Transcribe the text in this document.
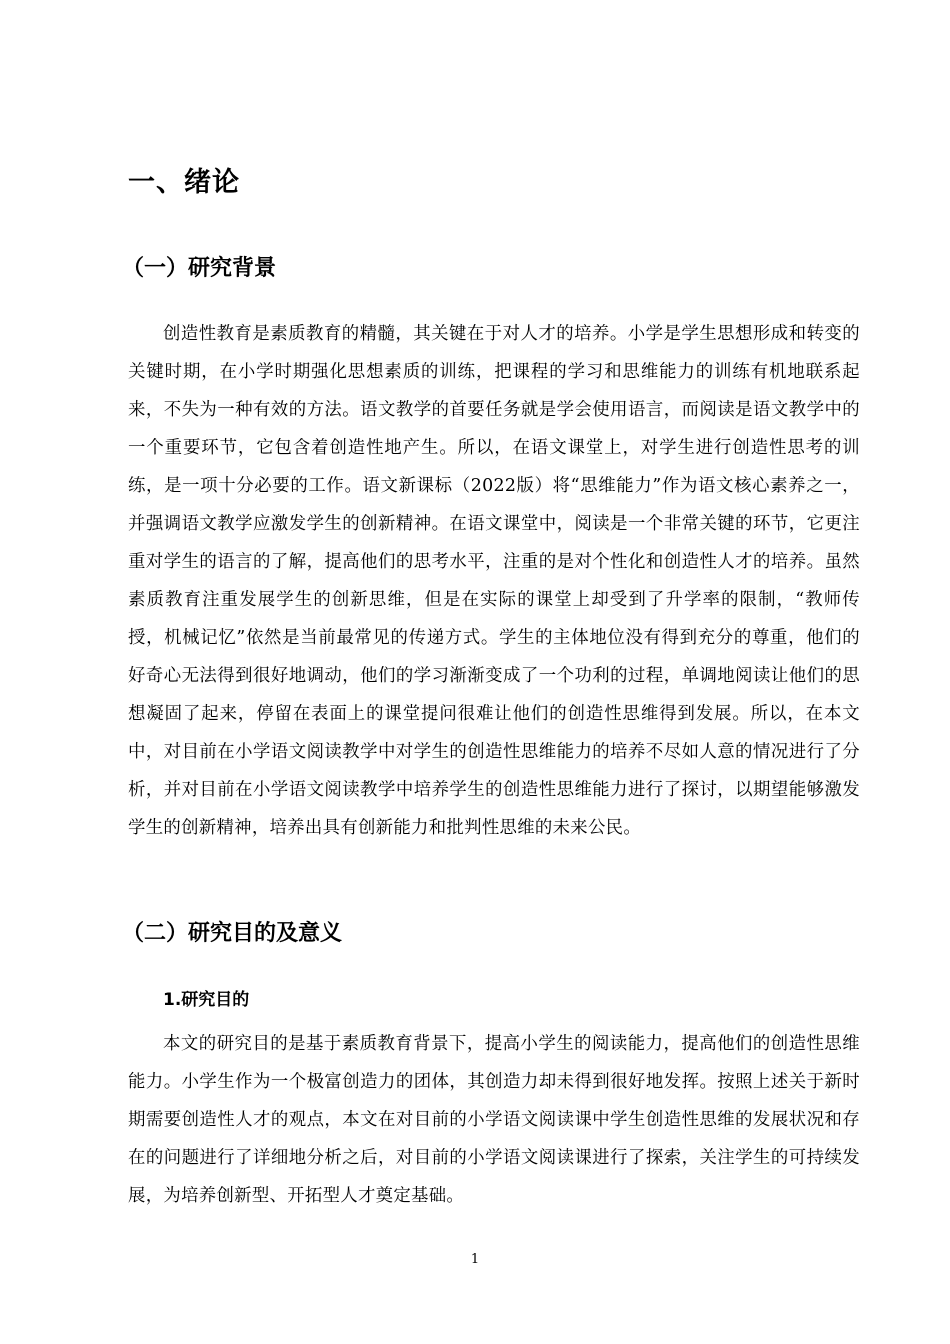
一、绪论
（一）研究背景

创造性教育是素质教育的精髓，其关键在于对人才的培养。小学是学生思想形成和转变的关键时期，在小学时期强化思想素质的训练，把课程的学习和思维能力的训练有机地联系起来，不失为一种有效的方法。语文教学的首要任务就是学会使用语言，而阅读是语文教学中的一个重要环节，它包含着创造性地产生。所以，在语文课堂上，对学生进行创造性思考的训练，是一项十分必要的工作。语文新课标（2022版）将“思维能力”作为语文核心素养之一，并强调语文教学应激发学生的创新精神。在语文课堂中，阅读是一个非常关键的环节，它更注重对学生的语言的了解，提高他们的思考水平，注重的是对个性化和创造性人才的培养。虽然素质教育注重发展学生的创新思维，但是在实际的课堂上却受到了升学率的限制，“教师传授，机械记忆”依然是当前最常见的传递方式。学生的主体地位没有得到充分的尊重，他们的好奇心无法得到很好地调动，他们的学习渐渐变成了一个功利的过程，单调地阅读让他们的思想凝固了起来，停留在表面上的课堂提问很难让他们的创造性思维得到发展。所以，在本文中，对目前在小学语文阅读教学中对学生的创造性思维能力的培养不尽如人意的情况进行了分析，并对目前在小学语文阅读教学中培养学生的创造性思维能力进行了探讨，以期望能够激发学生的创新精神，培养出具有创新能力和批判性思维的未来公民。

（二）研究目的及意义
1.研究目的

本文的研究目的是基于素质教育背景下，提高小学生的阅读能力，提高他们的创造性思维能力。小学生作为一个极富创造力的团体，其创造力却未得到很好地发挥。按照上述关于新时期需要创造性人才的观点，本文在对目前的小学语文阅读课中学生创造性思维的发展状况和存在的问题进行了详细地分析之后，对目前的小学语文阅读课进行了探索，关注学生的可持续发展，为培养创新型、开拓型人才奠定基础。

1
